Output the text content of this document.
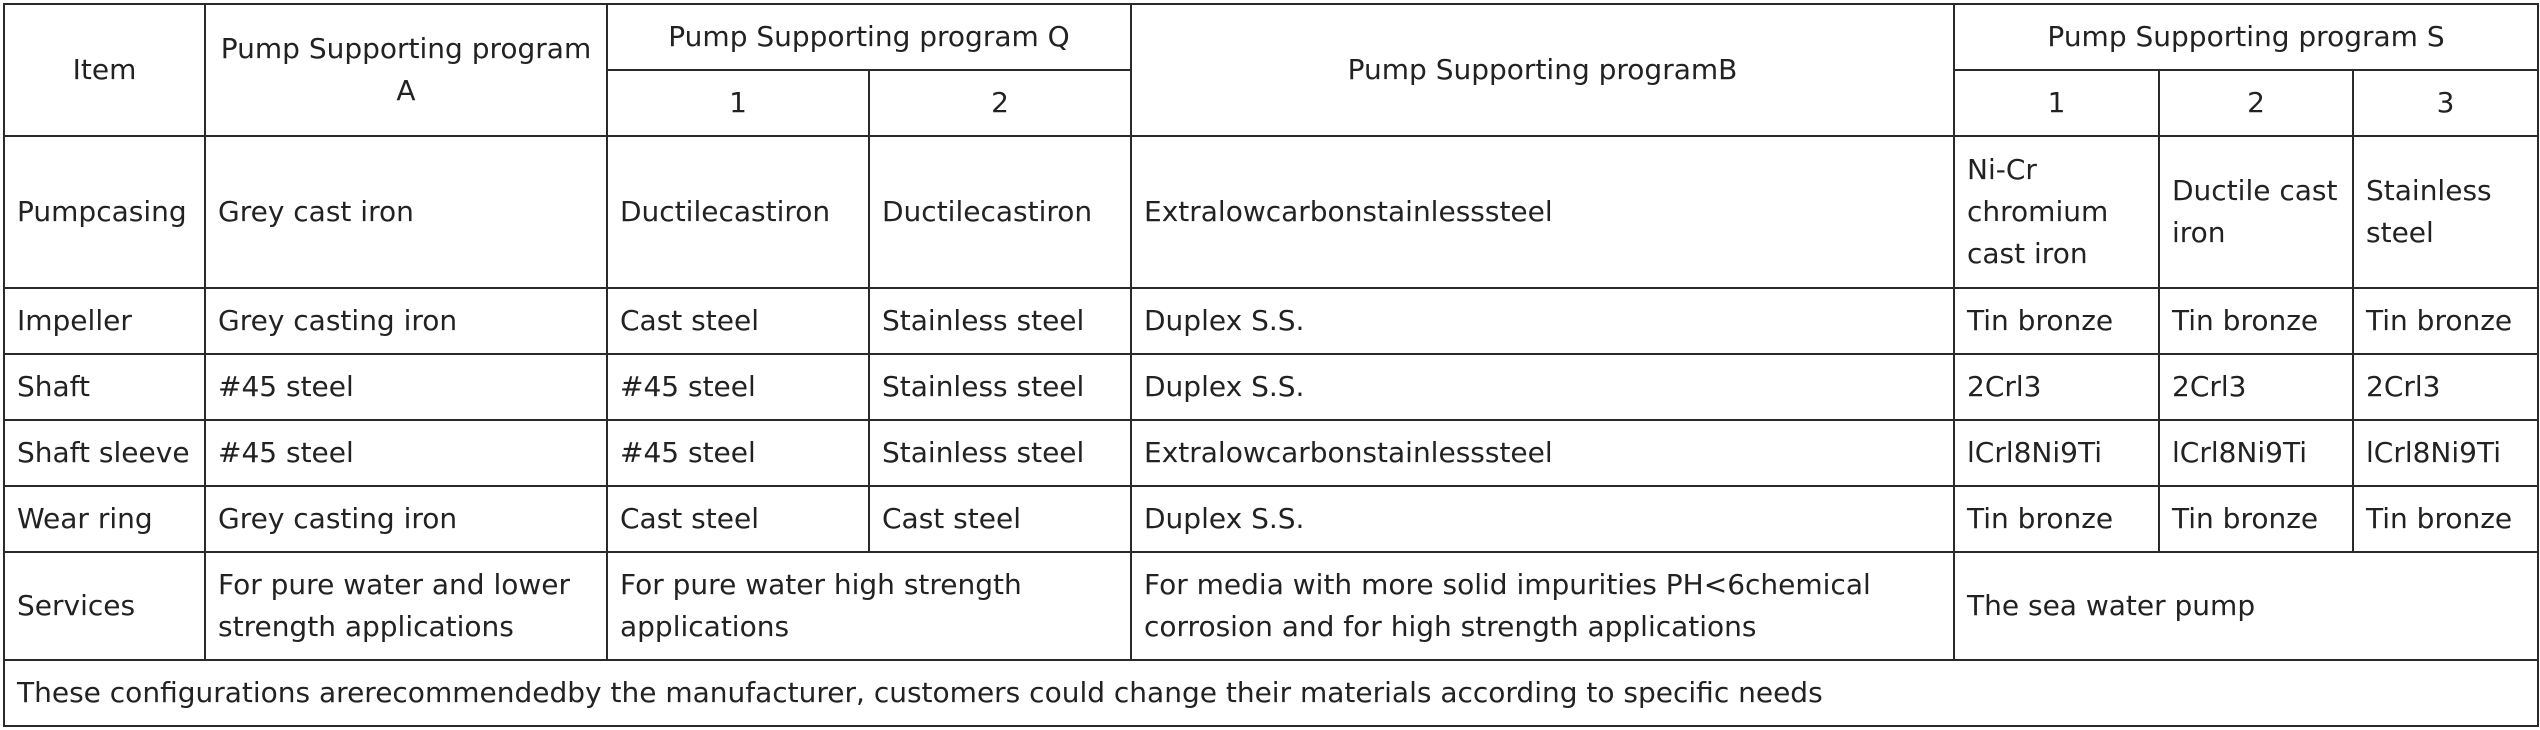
Item	Pump Supporting program A	Pump Supporting program Q		Pump Supporting programB	Pump Supporting program S		
		1	2		1	2	3
Pumpcasing	Grey cast iron	Ductilecastiron	Ductilecastiron	Extralowcarbonstainlesssteel	Ni-Cr chromium cast iron	Ductile cast iron	Stainless steel
Impeller	Grey casting iron	Cast steel	Stainless steel	Duplex S.S.	Tin bronze	Tin bronze	Tin bronze
Shaft	#45 steel	#45 steel	Stainless steel	Duplex S.S.	2Crl3	2Crl3	2Crl3
Shaft sleeve	#45 steel	#45 steel	Stainless steel	Extralowcarbonstainlesssteel	lCrl8Ni9Ti	lCrl8Ni9Ti	lCrl8Ni9Ti
Wear ring	Grey casting iron	Cast steel	Cast steel	Duplex S.S.	Tin bronze	Tin bronze	Tin bronze
Services	For pure water and lower strength applications	For pure water high strength applications		For media with more solid impurities PH<6chemical corrosion and for high strength applications	The sea water pump		
These configurations arerecommendedby the manufacturer, customers could change their materials according to specific needs							
